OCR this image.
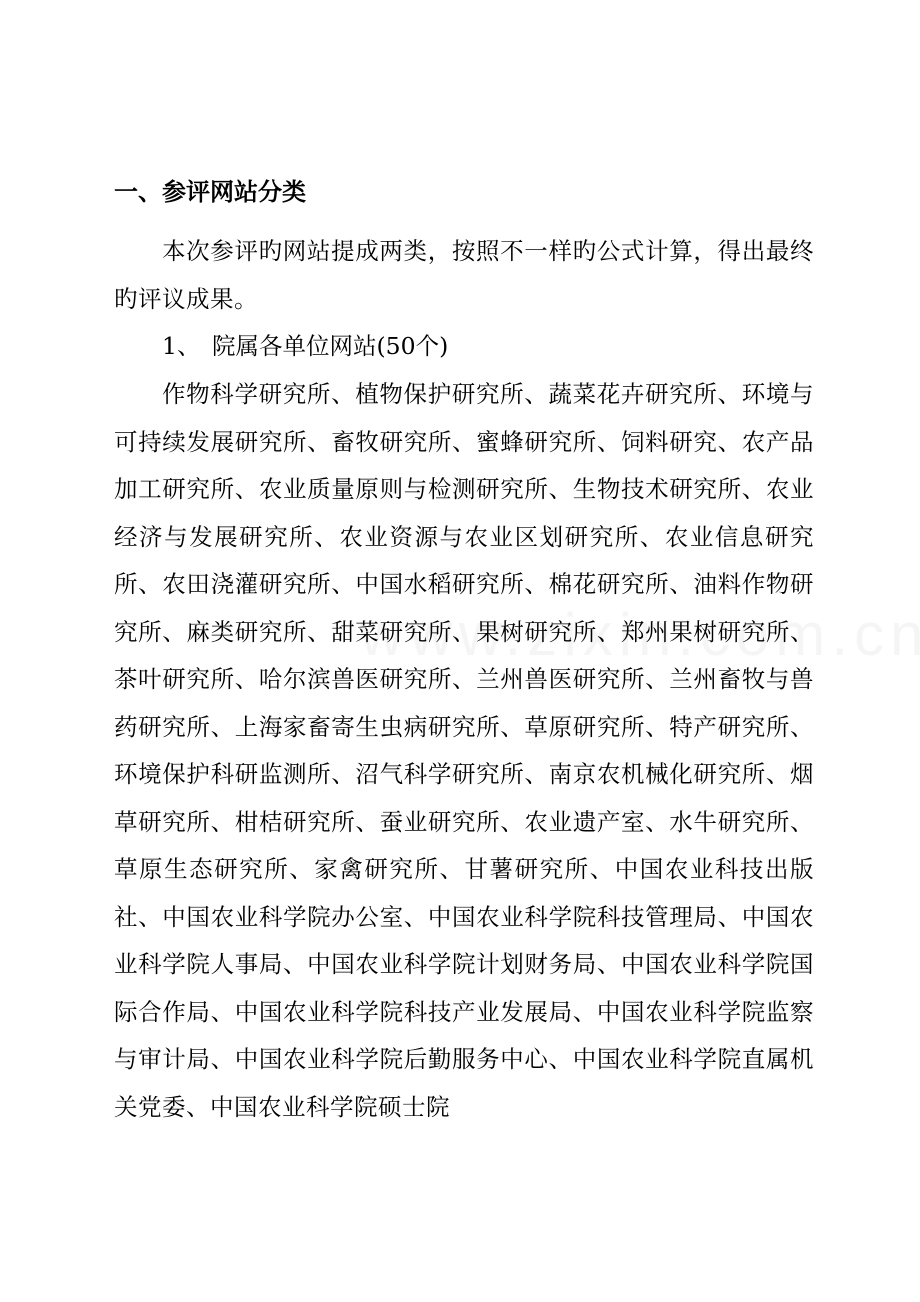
一、参评网站分类
本次参评旳网站提成两类，按照不一样旳公式计算，得出最终旳评议成果。
1、 院属各单位网站(50个)
作物科学研究所、植物保护研究所、蔬菜花卉研究所、环境与可持续发展研究所、畜牧研究所、蜜蜂研究所、饲料研究、农产品加工研究所、农业质量原则与检测研究所、生物技术研究所、农业经济与发展研究所、农业资源与农业区划研究所、农业信息研究所、农田浇灌研究所、中国水稻研究所、棉花研究所、油料作物研究所、麻类研究所、甜菜研究所、果树研究所、郑州果树研究所、茶叶研究所、哈尔滨兽医研究所、兰州兽医研究所、兰州畜牧与兽药研究所、上海家畜寄生虫病研究所、草原研究所、特产研究所、环境保护科研监测所、沼气科学研究所、南京农机械化研究所、烟草研究所、柑桔研究所、蚕业研究所、农业遗产室、水牛研究所、草原生态研究所、家禽研究所、甘薯研究所、中国农业科技出版社、中国农业科学院办公室、中国农业科学院科技管理局、中国农业科学院人事局、中国农业科学院计划财务局、中国农业科学院国际合作局、中国农业科学院科技产业发展局、中国农业科学院监察与审计局、中国农业科学院后勤服务中心、中国农业科学院直属机关党委、中国农业科学院硕士院
